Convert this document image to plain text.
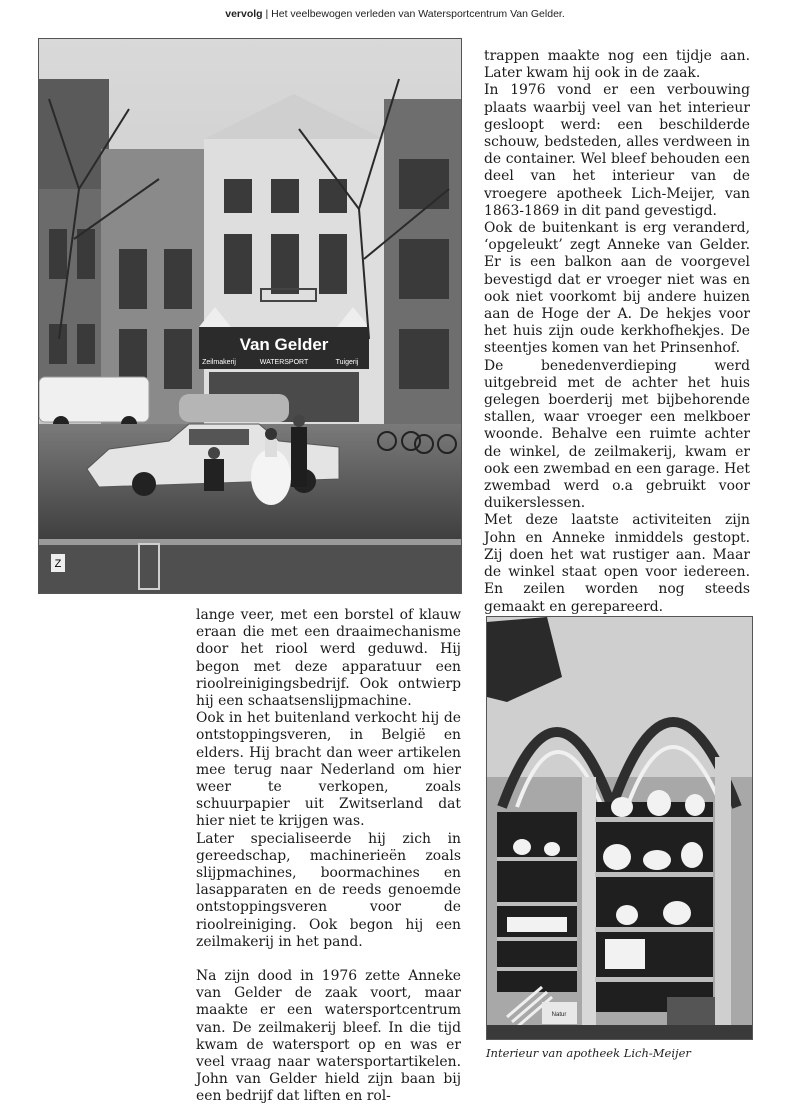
vervolg | Het veelbewogen verleden van Watersportcentrum Van Gelder.
Van Gelder
Zeilmakerij	WATERSPORT	Tuigerij
Z

trappen maakte nog een tijdje aan. Later kwam hij ook in de zaak.

In 1976 vond er een verbouwing plaats waarbij veel van het interieur gesloopt werd: een beschilderde schouw, bedsteden, alles verdween in de container. Wel bleef behouden een deel van het interieur van de vroegere apotheek Lich-Meijer, van 1863-1869 in dit pand gevestigd.

Ook de buitenkant is erg veranderd, ‘opgeleukt’ zegt Anneke van Gelder. Er is een balkon aan de voorgevel bevestigd dat er vroeger niet was en ook niet voorkomt bij andere huizen aan de Hoge der A. De hekjes voor het huis zijn oude kerkhofhekjes. De steentjes komen van het Prinsenhof.

De benedenverdieping werd uitgebreid met de achter het huis gelegen boerderij met bijbehorende stallen, waar vroeger een melkboer woonde. Behalve een ruimte achter de winkel, de zeilmakerij, kwam er ook een zwembad en een garage. Het zwembad werd o.a gebruikt voor duikerslessen.

Met deze laatste activiteiten zijn John en Anneke inmiddels gestopt. Zij doen het wat rustiger aan. Maar de winkel staat open voor iedereen. En zeilen worden nog steeds gemaakt en gerepareerd.

lange veer, met een borstel of klauw eraan die met een draaimechanisme door het riool werd geduwd. Hij begon met deze apparatuur een rioolreinigingsbedrijf. Ook ontwierp hij een schaatsenslijpmachine.

Ook in het buitenland verkocht hij de ontstoppingsveren, in België en elders. Hij bracht dan weer artikelen mee terug naar Nederland om hier weer te verkopen, zoals schuurpapier uit Zwitserland dat hier niet te krijgen was.

Later specialiseerde hij zich in gereedschap, machinerieën zoals slijpmachines, boormachines en lasapparaten en de reeds genoemde ontstoppingsveren voor de rioolreiniging. Ook begon hij een zeilmakerij in het pand.

Na zijn dood in 1976 zette Anneke van Gelder de zaak voort, maar maakte er een watersportcentrum van. De zeilmakerij bleef. In die tijd kwam de watersport op en was er veel vraag naar watersportartikelen. John van Gelder hield zijn baan bij een bedrijf dat liften en rol-

Natur
Interieur van apotheek Lich-Meijer
